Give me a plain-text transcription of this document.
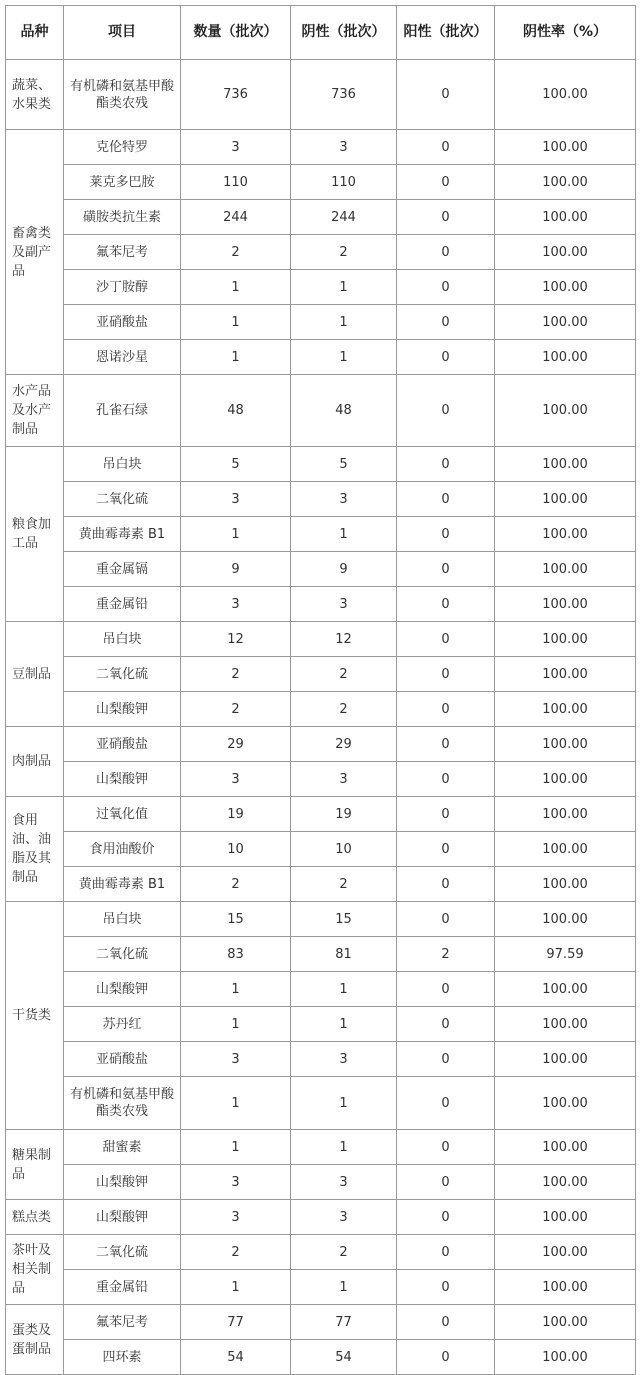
品种	项目	数量（批次）	阴性（批次）	阳性（批次）	阴性率（%）
蔬菜、水果类	有机磷和氨基甲酸酯类农残	736	736	0	100.00
畜禽类及副产品	克伦特罗	3	3	0	100.00
	莱克多巴胺	110	110	0	100.00
	磺胺类抗生素	244	244	0	100.00
	氟苯尼考	2	2	0	100.00
	沙丁胺醇	1	1	0	100.00
	亚硝酸盐	1	1	0	100.00
	恩诺沙星	1	1	0	100.00
水产品及水产制品	孔雀石绿	48	48	0	100.00
粮食加工品	吊白块	5	5	0	100.00
	二氧化硫	3	3	0	100.00
	黄曲霉毒素 B1	1	1	0	100.00
	重金属镉	9	9	0	100.00
	重金属铅	3	3	0	100.00
豆制品	吊白块	12	12	0	100.00
	二氧化硫	2	2	0	100.00
	山梨酸钾	2	2	0	100.00
肉制品	亚硝酸盐	29	29	0	100.00
	山梨酸钾	3	3	0	100.00
食用油、油脂及其制品	过氧化值	19	19	0	100.00
	食用油酸价	10	10	0	100.00
	黄曲霉毒素 B1	2	2	0	100.00
干货类	吊白块	15	15	0	100.00
	二氧化硫	83	81	2	97.59
	山梨酸钾	1	1	0	100.00
	苏丹红	1	1	0	100.00
	亚硝酸盐	3	3	0	100.00
	有机磷和氨基甲酸酯类农残	1	1	0	100.00
糖果制品	甜蜜素	1	1	0	100.00
	山梨酸钾	3	3	0	100.00
糕点类	山梨酸钾	3	3	0	100.00
茶叶及相关制品	二氧化硫	2	2	0	100.00
	重金属铅	1	1	0	100.00
蛋类及蛋制品	氟苯尼考	77	77	0	100.00
	四环素	54	54	0	100.00
